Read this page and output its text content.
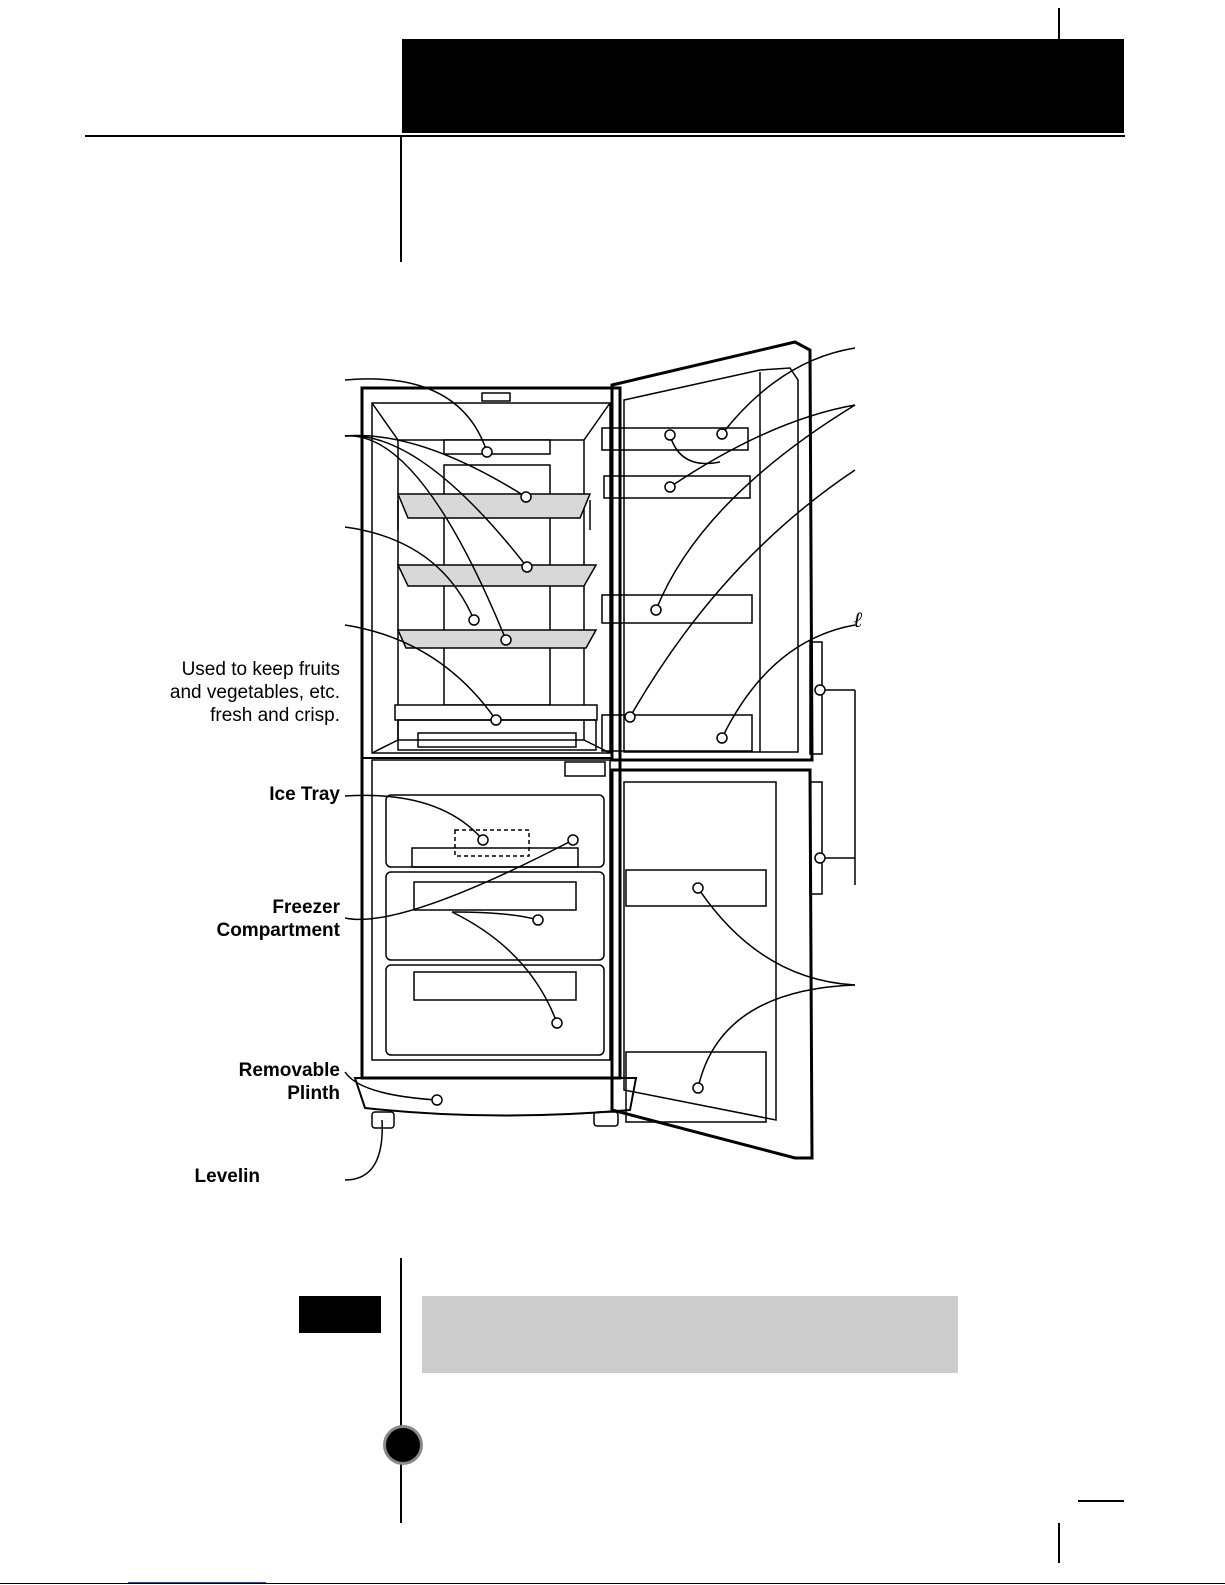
Used to keep fruits
and vegetables, etc.
fresh and crisp.
Ice Tray
Freezer
Compartment
Removable
Plinth
Levelin
ℓ
